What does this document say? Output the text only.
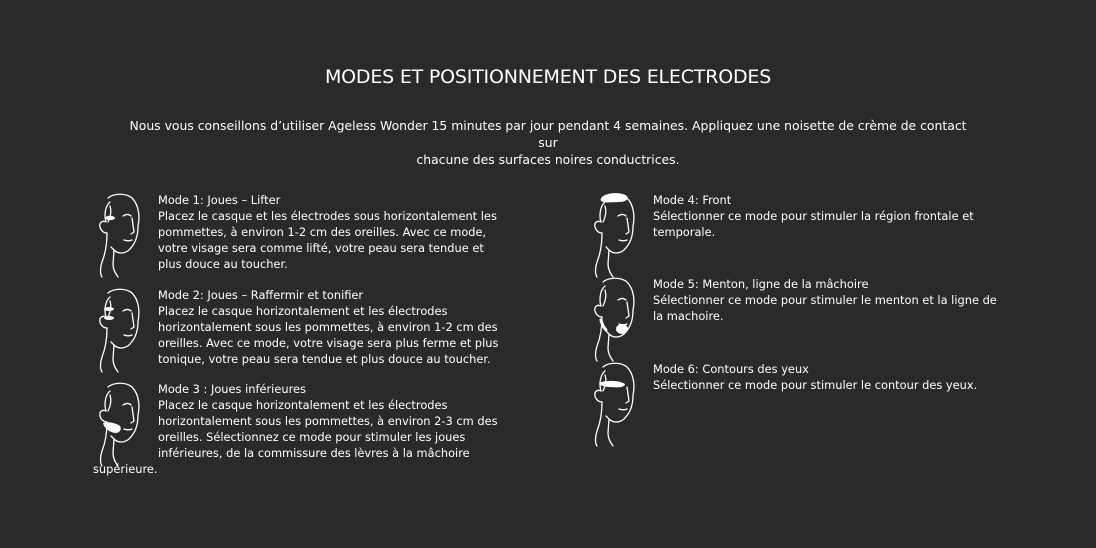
MODES ET POSITIONNEMENT DES ELECTRODES

Nous vous conseillons d’utiliser Ageless Wonder 15 minutes par jour pendant 4 semaines. Appliquez une noisette de crème de contact sur
chacune des surfaces noires conductrices.

Mode 1: Joues – Lifter
Placez le casque et les électrodes sous horizontalement les
pommettes, à environ 1-2 cm des oreilles. Avec ce mode,
votre visage sera comme lifté, votre peau sera tendue et
plus douce au toucher.
Mode 2: Joues – Raffermir et tonifier
Placez le casque horizontalement et les électrodes
horizontalement sous les pommettes, à environ 1-2 cm des
oreilles. Avec ce mode, votre visage sera plus ferme et plus
tonique, votre peau sera tendue et plus douce au toucher.
Mode 3 : Joues inférieures
Placez le casque horizontalement et les électrodes
horizontalement sous les pommettes, à environ 2-3 cm des
oreilles. Sélectionnez ce mode pour stimuler les joues
inférieures, de la commissure des lèvres à la mâchoire
supérieure.
Mode 4: Front
Sélectionner ce mode pour stimuler la région frontale et
temporale.
Mode 5: Menton, ligne de la mâchoire
Sélectionner ce mode pour stimuler le menton et la ligne de
la machoire.
Mode 6: Contours des yeux
Sélectionner ce mode pour stimuler le contour des yeux.
